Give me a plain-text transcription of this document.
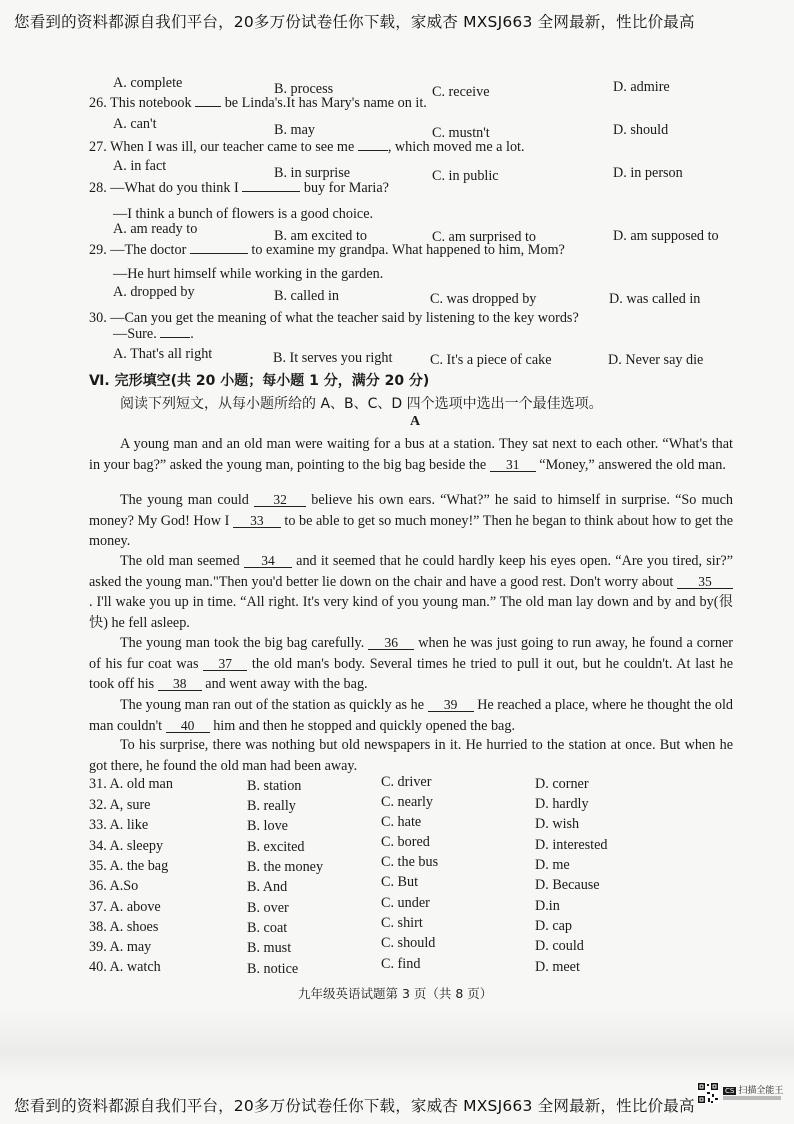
您看到的资料都源自我们平台，20多万份试卷任你下载，家威杏 MXSJ663 全网最新，性比价最高
A. complete	B. process	C. receive	D. admire
26. This notebook be Linda's.It has Mary's name on it.
A. can't	B. may	C. mustn't	D. should
27. When I was ill, our teacher came to see me , which moved me a lot.
A. in fact	B. in surprise	C. in public	D. in person
28. —What do you think I	buy for Maria?
—I think a bunch of flowers is a good choice.
A. am ready to	B. am excited to	C. am surprised to	D. am supposed to
29. —The doctor	to examine my grandpa. What happened to him, Mom?
—He hurt himself while working in the garden.
A. dropped by	B. called in	C. was dropped by	D. was called in
30. —Can you get the meaning of what the teacher said by listening to the key words?
—Sure. .
A. That's all right	B. It serves you right	C. It's a piece of cake	D. Never say die
Ⅵ. 完形填空(共 20 小题；每小题 1 分，满分 20 分)
阅读下列短文，从每小题所给的 A、B、C、D 四个选项中选出一个最佳选项。
A
A young man and an old man were waiting for a bus at a station. They sat next to each other. “What's that in your bag?” asked the young man, pointing to the big bag beside the 31 “Money,” answered the old man.
The young man could 32 believe his own ears. “What?” he said to himself in surprise. “So much money? My God! How I 33 to be able to get so much money!” Then he began to think about how to get the money.
The old man seemed 34 and it seemed that he could hardly keep his eyes open. “Are you tired, sir?” asked the young man."Then you'd better lie down on the chair and have a good rest. Don't worry about 35. I'll wake you up in time. “All right. It's very kind of you young man.” The old man lay down and by and by(很快) he fell asleep.
The young man took the big bag carefully. 36 when he was just going to run away, he found a corner of his fur coat was 37 the old man's body. Several times he tried to pull it out, but he couldn't. At last he took off his 38 and went away with the bag.
The young man ran out of the station as quickly as he 39 He reached a place, where he thought the old man couldn't 40 him and then he stopped and quickly opened the bag.
To his surprise, there was nothing but old newspapers in it. He hurried to the station at once. But when he got there, he found the old man had been away.
31. A. old man	B. station	C. driver	D. corner
32. A, sure	B. really	C. nearly	D. hardly
33. A. like	B. love	C. hate	D. wish
34. A. sleepy	B. excited	C. bored	D. interested
35. A. the bag	B. the money	C. the bus	D. me
36. A.So	B. And	C. But	D. Because
37. A. above	B. over	C. under	D.in
38. A. shoes	B. coat	C. shirt	D. cap
39. A. may	B. must	C. should	D. could
40. A. watch	B. notice	C. find	D. meet
九年级英语试题第 3 页（共 8 页）
您看到的资料都源自我们平台，20多万份试卷任你下载，家威杏 MXSJ663 全网最新，性比价最高
CS 扫描全能王
